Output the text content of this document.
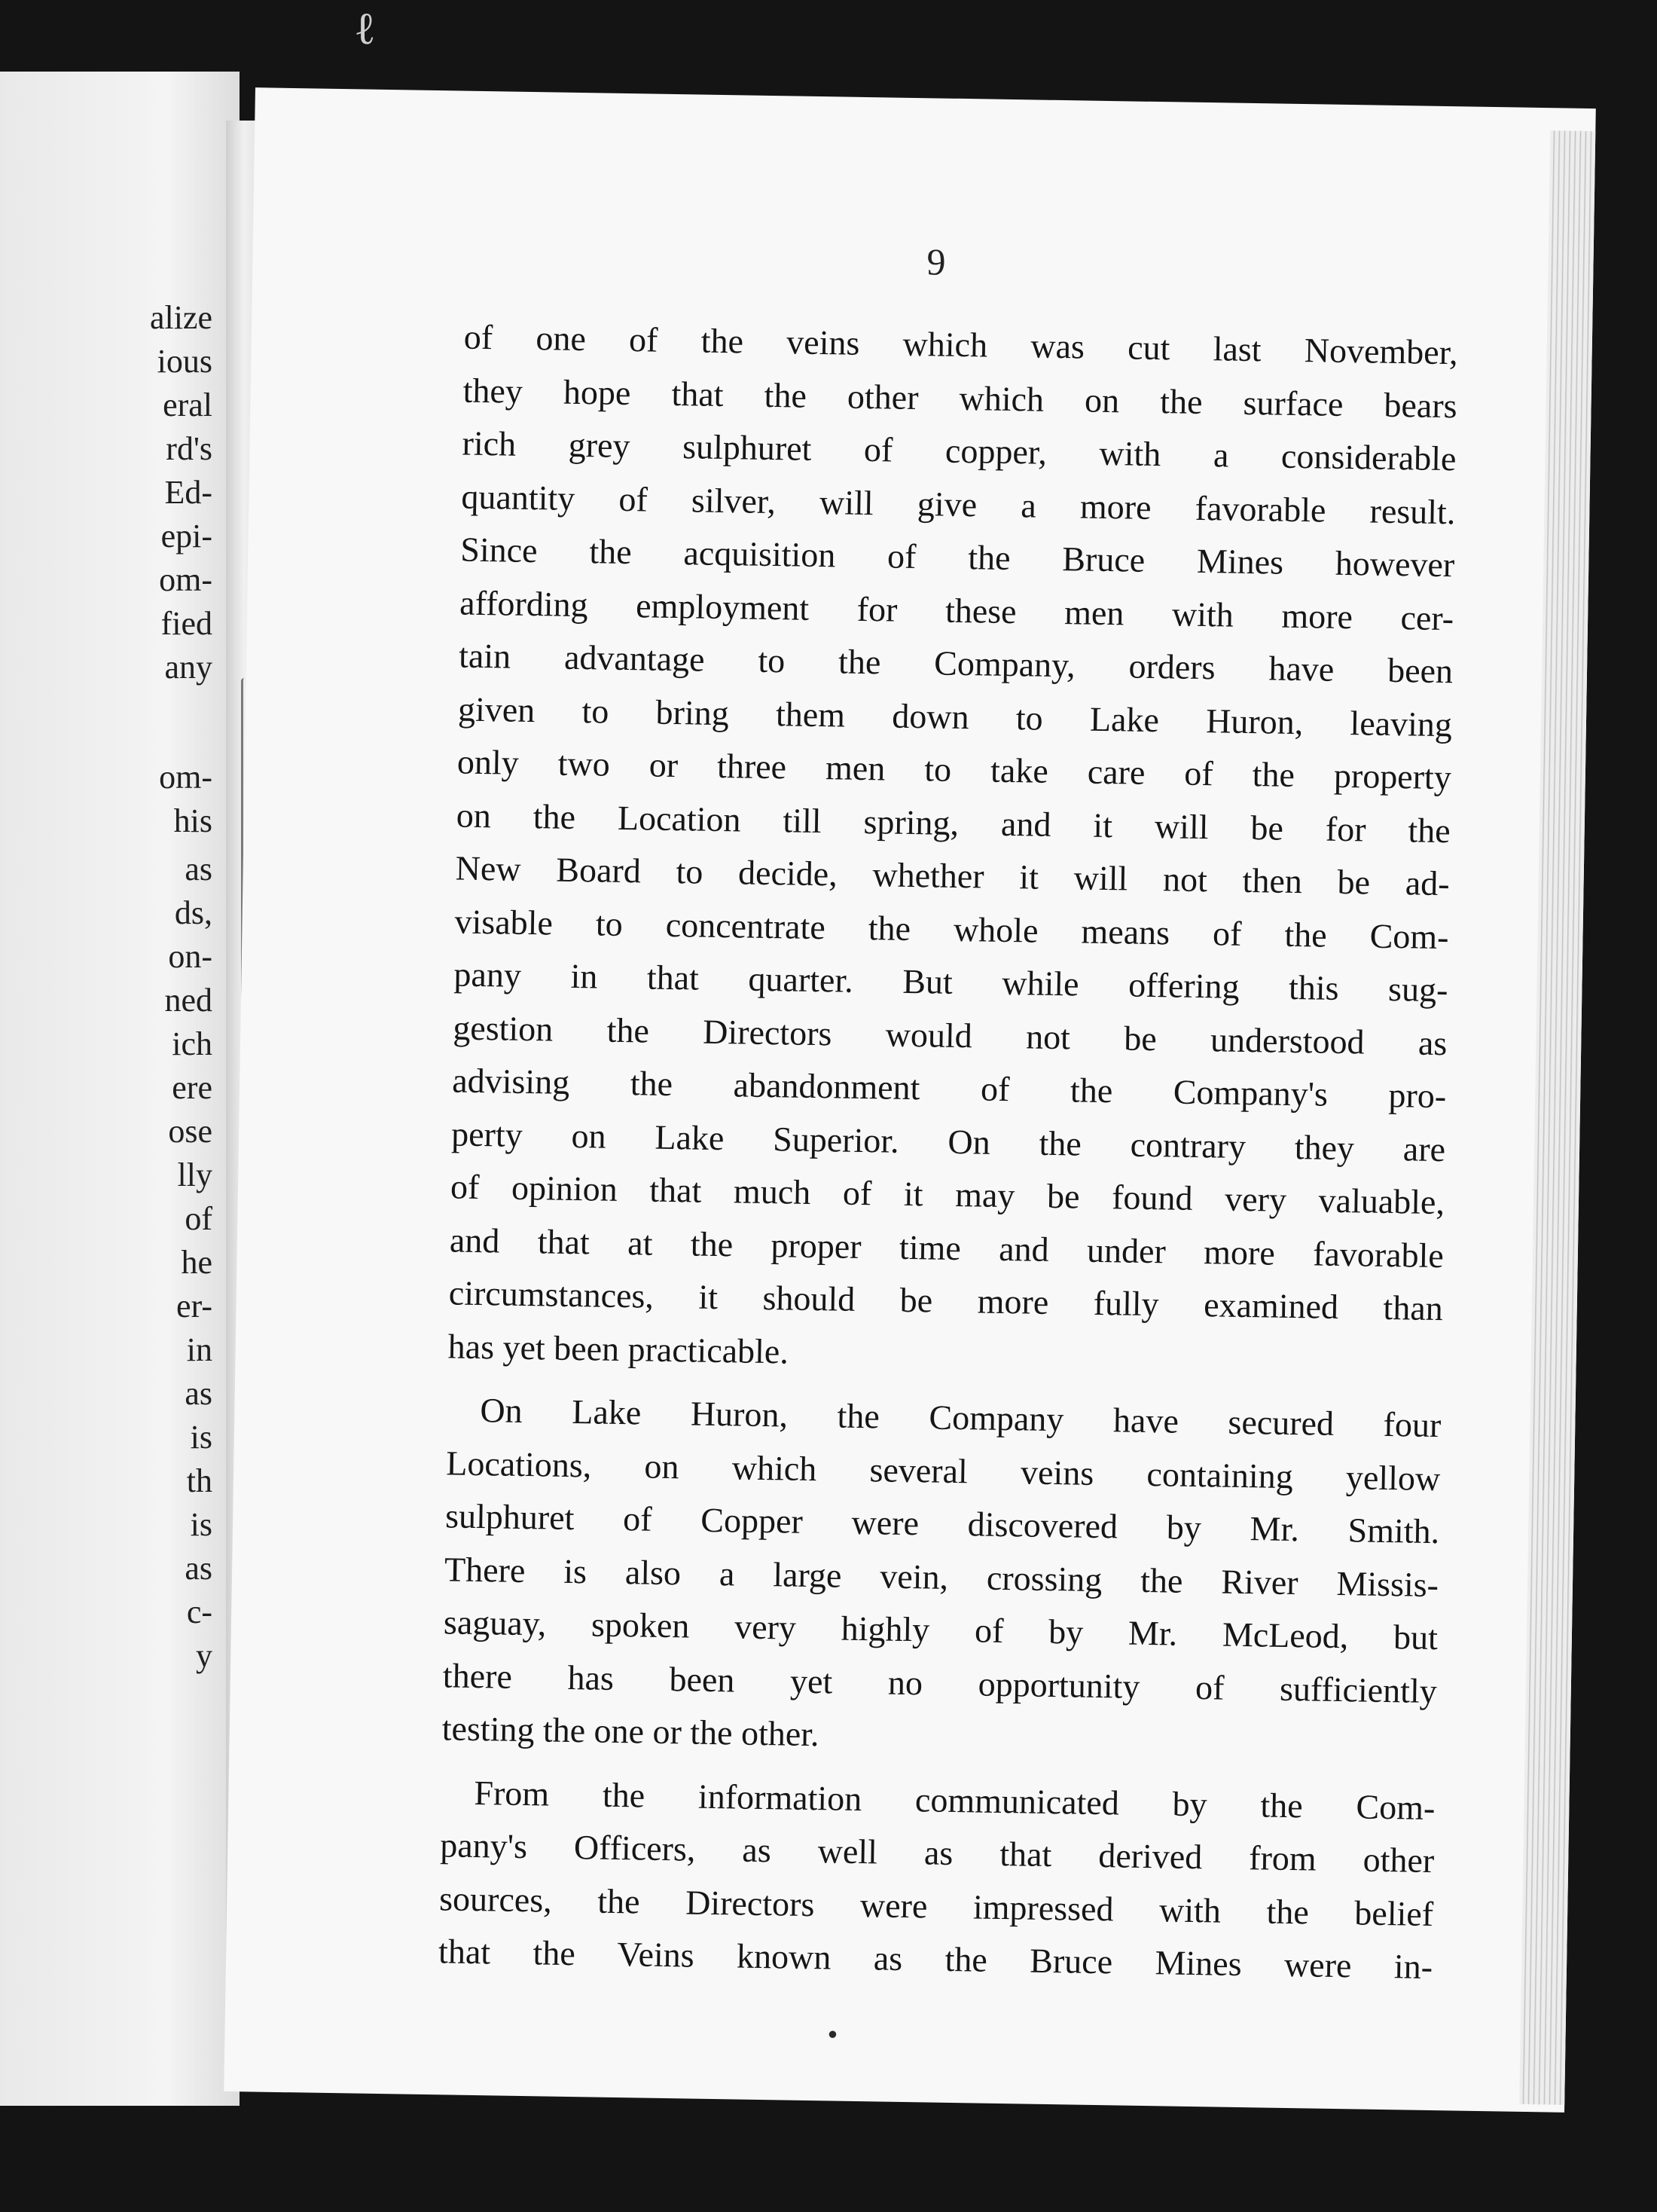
alize
ious
eral
rd's
Ed-
epi-
om-
fied
any
om-
his
as
ds,
on-
ned
ich
ere
ose
lly
of
he
er-
in
as
is
th
is
as
c-
y
9
of one of the veins which was cut last November,
they hope that the other which on the surface bears
rich grey sulphuret of copper, with a considerable
quantity of silver, will give a more favorable result.
Since the acquisition of the Bruce Mines however
affording employment for these men with more cer-
tain advantage to the Company, orders have been
given to bring them down to Lake Huron, leaving
only two or three men to take care of the property
on the Location till spring, and it will be for the
New Board to decide, whether it will not then be ad-
visable to concentrate the whole means of the Com-
pany in that quarter. But while offering this sug-
gestion the Directors would not be understood as
advising the abandonment of the Company's pro-
perty on Lake Superior. On the contrary they are
of opinion that much of it may be found very valuable,
and that at the proper time and under more favorable
circumstances, it should be more fully examined than
has yet been practicable.
On Lake Huron, the Company have secured four
Locations, on which several veins containing yellow
sulphuret of Copper were discovered by Mr. Smith.
There is also a large vein, crossing the River Missis-
saguay, spoken very highly of by Mr. McLeod, but
there has been yet no opportunity of sufficiently
testing the one or the other.
From the information communicated by the Com-
pany's Officers, as well as that derived from other
sources, the Directors were impressed with the belief
that the Veins known as the Bruce Mines were in-
•
ℓ
